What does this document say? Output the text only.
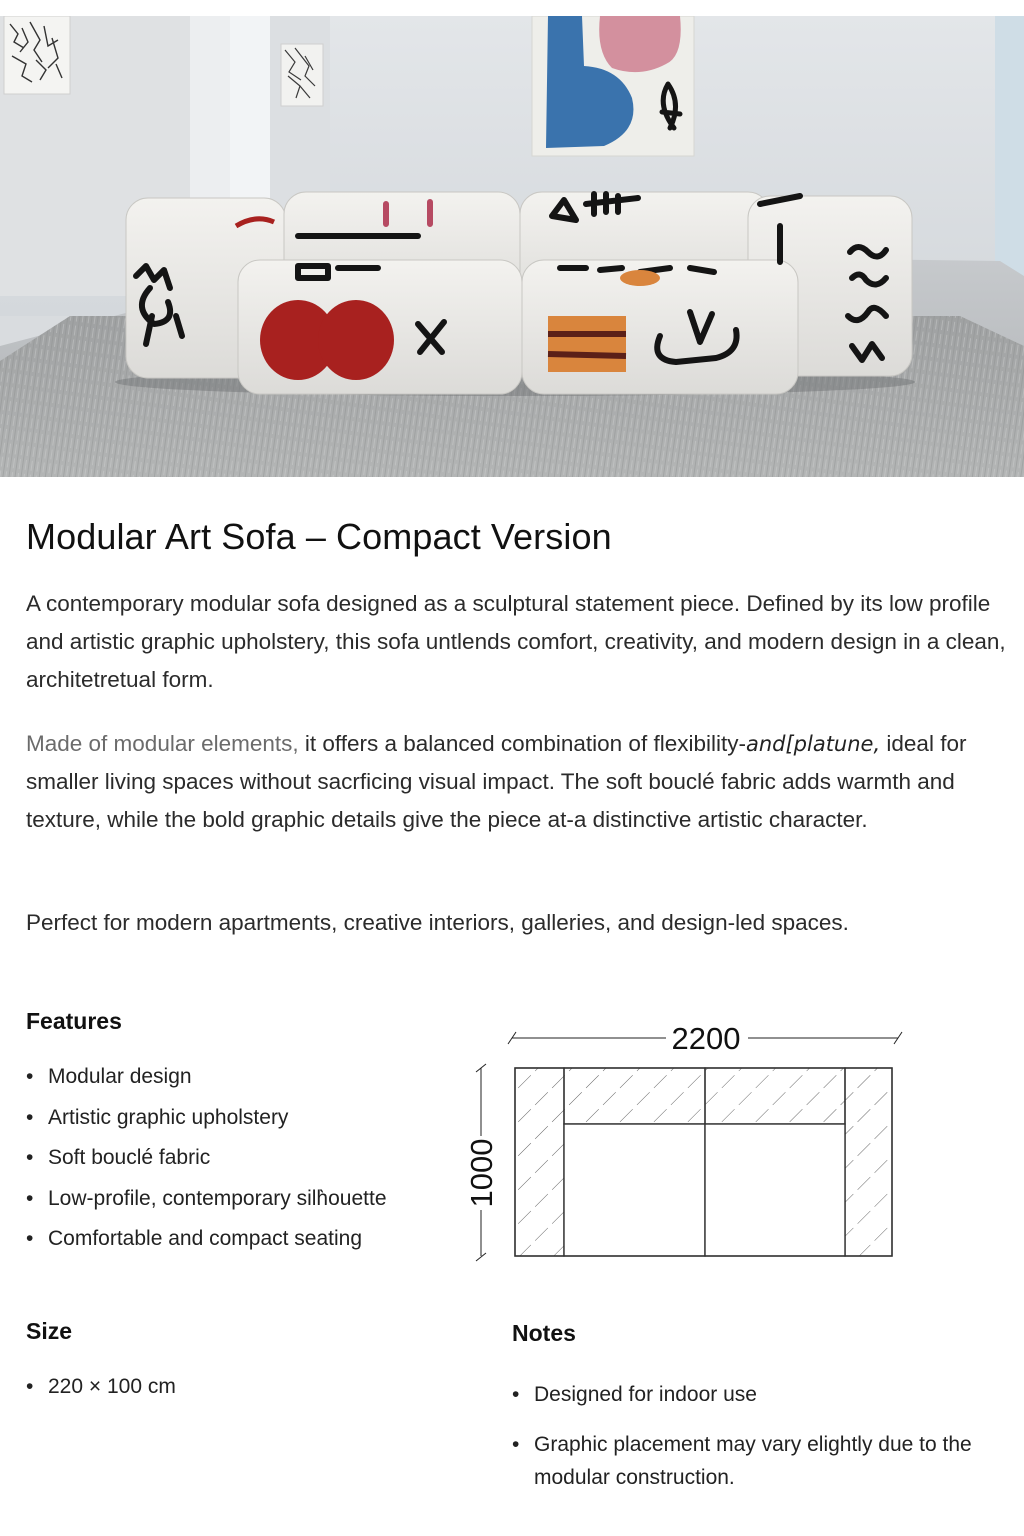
Modular Art Sofa – Compact Version

A contemporary modular sofa designed as a sculptural statement piece. Defined by its low profile and artistic graphic upholstery, this sofa untlends comfort, creativity, and modern design in a clean, architetretual form.

Made of modular elements, it offers a balanced combination of flexibility-and[platune, ideal for smaller living spaces without sacrficing visual impact. The soft bouclé fabric adds warmth and texture, while the bold graphic details give the piece at-a distinctive artistic character.

Perfect for modern apartments, creative interiors, galleries, and design-led spaces.

Features
• Modular design
• Artistic graphic upholstery
• Soft bouclé fabric
• Low-profile, contemporary silh̀ouette
• Comfortable and compact seating
2200
1000
Size
• 220 × 100 cm
Notes
• Designed for indoor use
• Graphic placement may vary elightly due to the modular construction.
